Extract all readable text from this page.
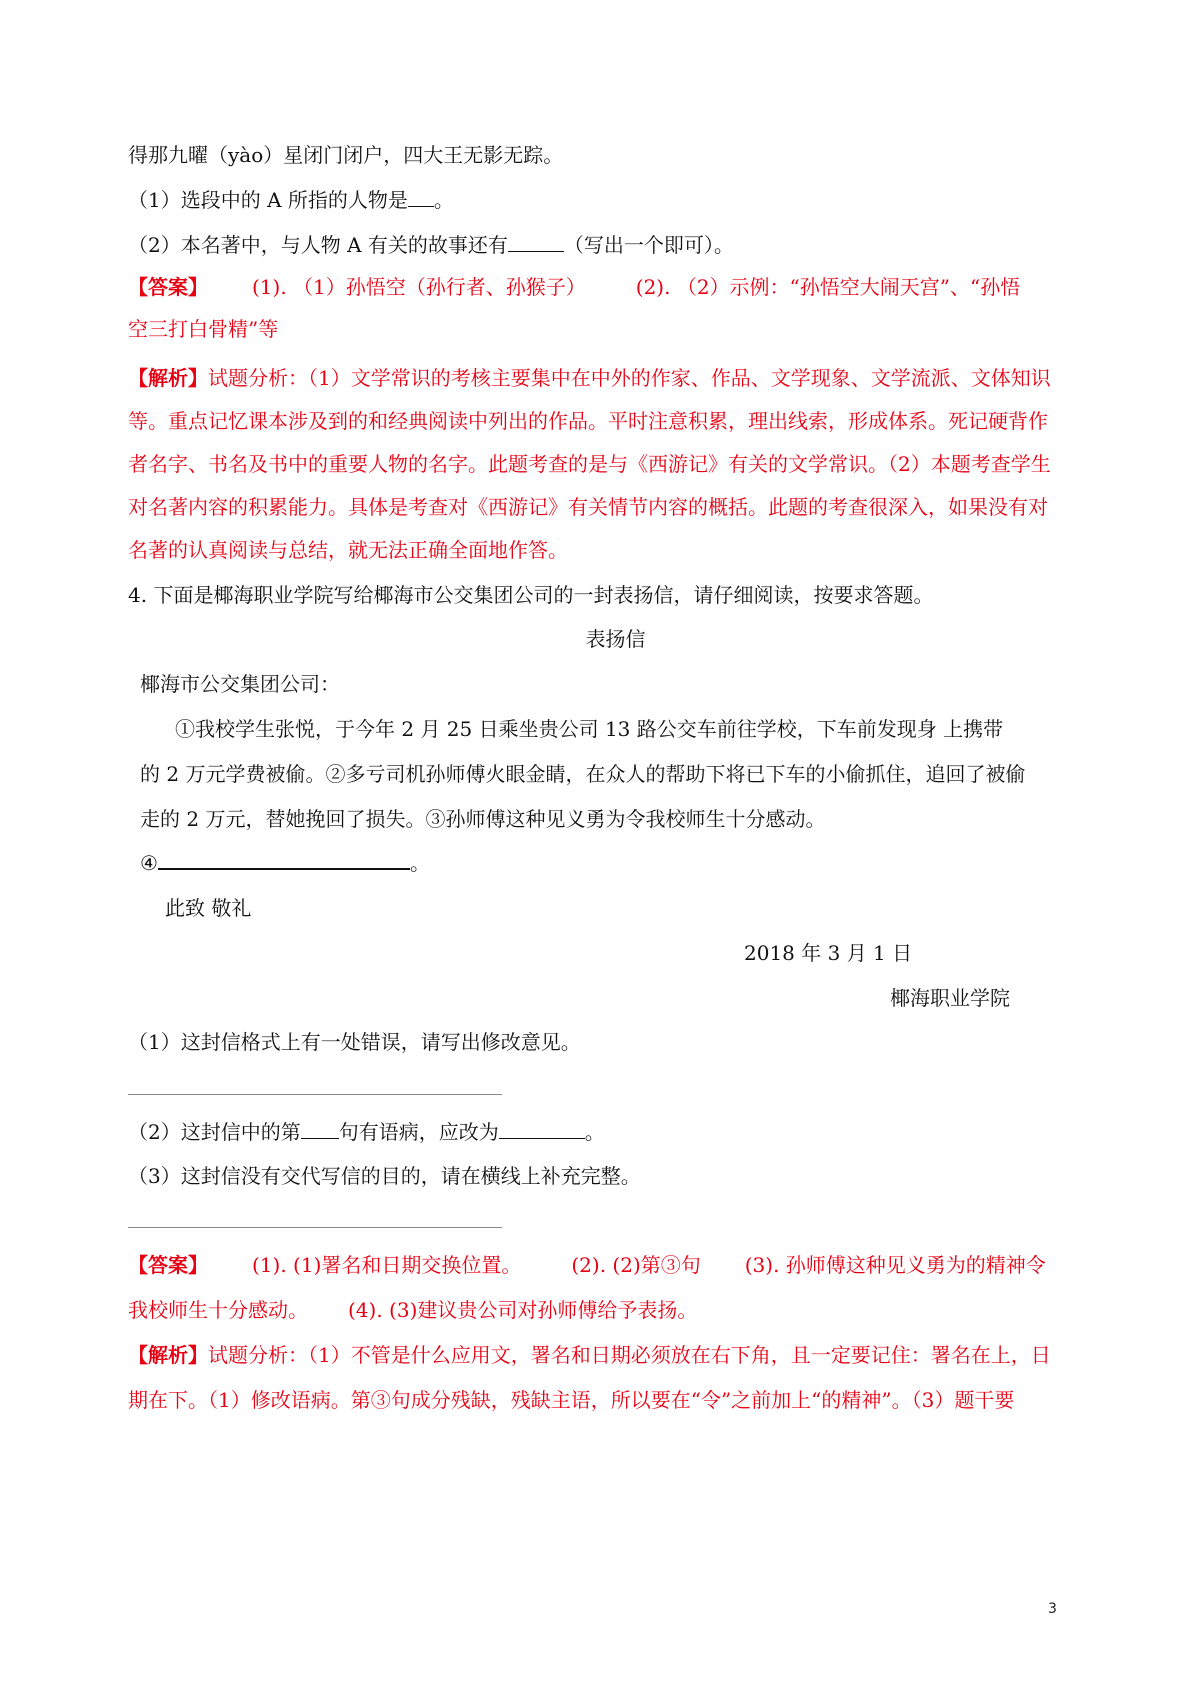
得那九曜（yào）星闭门闭户，四大王无影无踪。
（1）选段中的 A 所指的人物是 。
（2）本名著中，与人物 A 有关的故事还有	（写出一个即可）。
【答案】 (1). （1）孙悟空（孙行者、孙猴子）	(2). （2）示例：“孙悟空大闹天宫”、“孙悟
空三打白骨精”等
【解析】试题分析：（1）文学常识的考核主要集中在中外的作家、作品、文学现象、文学流派、文体知识
等。重点记忆课本涉及到的和经典阅读中列出的作品。平时注意积累，理出线索，形成体系。死记硬背作
者名字、书名及书中的重要人物的名字。此题考查的是与《西游记》有关的文学常识。（2）本题考查学生
对名著内容的积累能力。具体是考查对《西游记》有关情节内容的概括。此题的考查很深入，如果没有对
名著的认真阅读与总结，就无法正确全面地作答。
4. 下面是椰海职业学院写给椰海市公交集团公司的一封表扬信，请仔细阅读，按要求答题。
表扬信
椰海市公交集团公司：
①我校学生张悦，于今年 2 月 25 日乘坐贵公司 13 路公交车前往学校，下车前发现身 上携带
的 2 万元学费被偷。②多亏司机孙师傅火眼金睛，在众人的帮助下将已下车的小偷抓住，追回了被偷
走的 2 万元，替她挽回了损失。③孙师傅这种见义勇为令我校师生十分感动。
④	。
此致 敬礼
2018 年 3 月 1 日
椰海职业学院
（1）这封信格式上有一处错误，请写出修改意见。
（2）这封信中的第 句有语病，应改为	。
（3）这封信没有交代写信的目的，请在横线上补充完整。
【答案】 (1). (1)署名和日期交换位置。	(2). (2)第③句 (3). 孙师傅这种见义勇为的精神令
我校师生十分感动。 (4). (3)建议贵公司对孙师傅给予表扬。
【解析】试题分析：（1）不管是什么应用文，署名和日期必须放在右下角，且一定要记住：署名在上，日
期在下。（1）修改语病。第③句成分残缺，残缺主语，所以要在“令”之前加上“的精神”。（3）题干要
3
